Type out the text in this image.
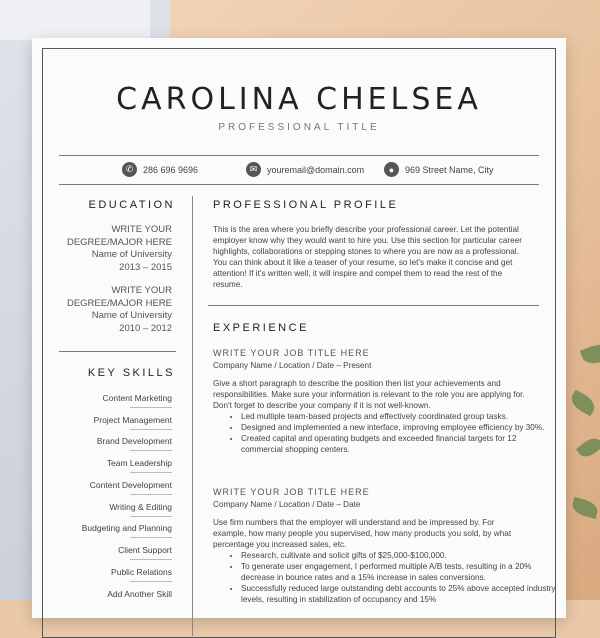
CAROLINA CHELSEA
PROFESSIONAL TITLE
✆	286 696 9696	✉	youremail@domain.com	●	969 Street Name, City
EDUCATION
WRITE YOUR
DEGREE/MAJOR HERE
Name of University
2013 – 2015
WRITE YOUR
DEGREE/MAJOR HERE
Name of University
2010 – 2012
KEY SKILLS
Content Marketing
Project Management
Brand Development
Team Leadership
Content Development
Writing & Editing
Budgeting and Planning
Client Support
Public Relations
Add Another Skill
PROFESSIONAL PROFILE
This is the area where you briefly describe your professional career. Let the potential employer know why they would want to hire you. Use this section for particular career highlights, collaborations or stepping stones to where you are now as a professional. You can think about it like a teaser of your resume, so let's make it concise and get attention! If it's written well, it will inspire and compel them to read the rest of the resume.
EXPERIENCE
WRITE YOUR JOB TITLE HERE
Company Name / Location / Date – Present
Give a short paragraph to describe the position then list your achievements and responsibilities. Make sure your information is relevant to the role you are applying for. Don't forget to describe your company if it is not well-known.
• Led multiple team-based projects and effectively coordinated group tasks.
• Designed and implemented a new interface, improving employee efficiency by 30%.
• Created capital and operating budgets and exceeded financial targets for 12 commercial shopping centers.
WRITE YOUR JOB TITLE HERE
Company Name / Location / Date – Date
Use firm numbers that the employer will understand and be impressed by. For example, how many people you supervised, how many products you sold, by what percentage you increased sales, etc.
• Research, cultivate and solicit gifts of $25,000-$100,000.
• To generate user engagement, I performed multiple A/B tests, resulting in a 20% decrease in bounce rates and a 15% increase in sales conversions.
• Successfully reduced large outstanding debt accounts to 25% above accepted industry levels, resulting in stabilization of occupancy and 15%
